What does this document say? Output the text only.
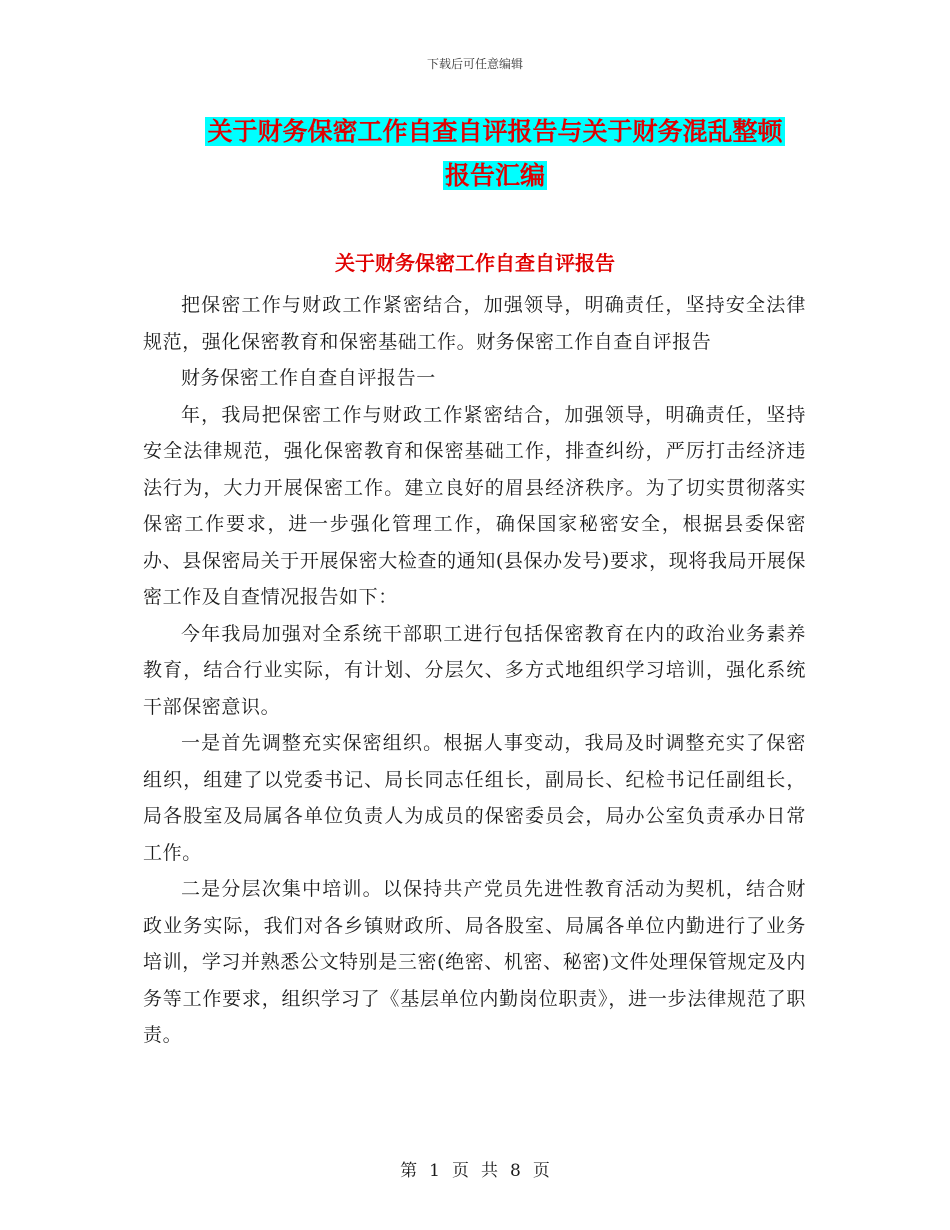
下载后可任意编辑
关于财务保密工作自查自评报告与关于财务混乱整顿
报告汇编
关于财务保密工作自查自评报告

把保密工作与财政工作紧密结合，加强领导，明确责任，坚持安全法律规范，强化保密教育和保密基础工作。财务保密工作自查自评报告

财务保密工作自查自评报告一

年，我局把保密工作与财政工作紧密结合，加强领导，明确责任，坚持安全法律规范，强化保密教育和保密基础工作，排查纠纷，严厉打击经济违法行为，大力开展保密工作。建立良好的眉县经济秩序。为了切实贯彻落实保密工作要求，进一步强化管理工作，确保国家秘密安全，根据县委保密办、县保密局关于开展保密大检查的通知(县保办发号)要求，现将我局开展保密工作及自查情况报告如下：

今年我局加强对全系统干部职工进行包括保密教育在内的政治业务素养教育，结合行业实际，有计划、分层欠、多方式地组织学习培训，强化系统干部保密意识。

一是首先调整充实保密组织。根据人事变动，我局及时调整充实了保密组织，组建了以党委书记、局长同志任组长，副局长、纪检书记任副组长，局各股室及局属各单位负责人为成员的保密委员会，局办公室负责承办日常工作。

二是分层次集中培训。以保持共产党员先进性教育活动为契机，结合财政业务实际，我们对各乡镇财政所、局各股室、局属各单位内勤进行了业务培训，学习并熟悉公文特别是三密(绝密、机密、秘密)文件处理保管规定及内务等工作要求，组织学习了《基层单位内勤岗位职责》，进一步法律规范了职责。

第 1 页 共 8 页
